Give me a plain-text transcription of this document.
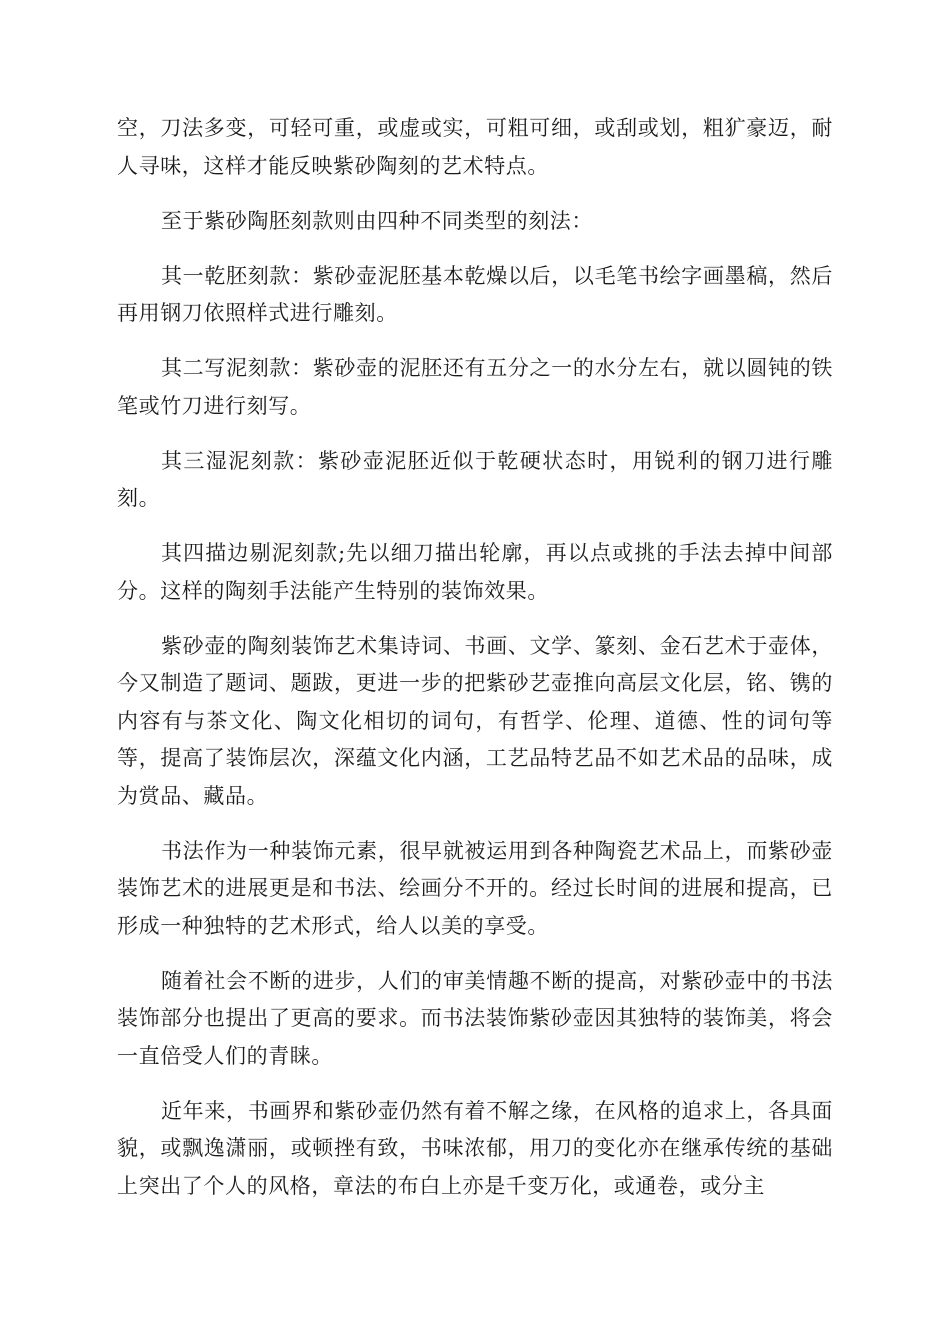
空，刀法多变，可轻可重，或虚或实，可粗可细，或刮或划，粗犷豪迈，耐人寻味，这样才能反映紫砂陶刻的艺术特点。

至于紫砂陶胚刻款则由四种不同类型的刻法：

其一乾胚刻款：紫砂壶泥胚基本乾燥以后，以毛笔书绘字画墨稿，然后再用钢刀依照样式进行雕刻。

其二写泥刻款：紫砂壶的泥胚还有五分之一的水分左右，就以圆钝的铁笔或竹刀进行刻写。

其三湿泥刻款：紫砂壶泥胚近似于乾硬状态时，用锐利的钢刀进行雕刻。

其四描边剔泥刻款;先以细刀描出轮廓，再以点或挑的手法去掉中间部分。这样的陶刻手法能产生特别的装饰效果。

紫砂壶的陶刻装饰艺术集诗词、书画、文学、篆刻、金石艺术于壶体，今又制造了题词、题跋，更进一步的把紫砂艺壶推向高层文化层，铭、镌的内容有与茶文化、陶文化相切的词句，有哲学、伦理、道德、性的词句等等，提高了装饰层次，深蕴文化内涵，工艺品特艺品不如艺术品的品味，成为赏品、藏品。

书法作为一种装饰元素，很早就被运用到各种陶瓷艺术品上，而紫砂壶装饰艺术的进展更是和书法、绘画分不开的。经过长时间的进展和提高，已形成一种独特的艺术形式，给人以美的享受。

随着社会不断的进步，人们的审美情趣不断的提高，对紫砂壶中的书法装饰部分也提出了更高的要求。而书法装饰紫砂壶因其独特的装饰美，将会一直倍受人们的青睐。

近年来，书画界和紫砂壶仍然有着不解之缘，在风格的追求上，各具面貌，或飘逸潇丽，或顿挫有致，书味浓郁，用刀的变化亦在继承传统的基础上突出了个人的风格，章法的布白上亦是千变万化，或通卷，或分主
